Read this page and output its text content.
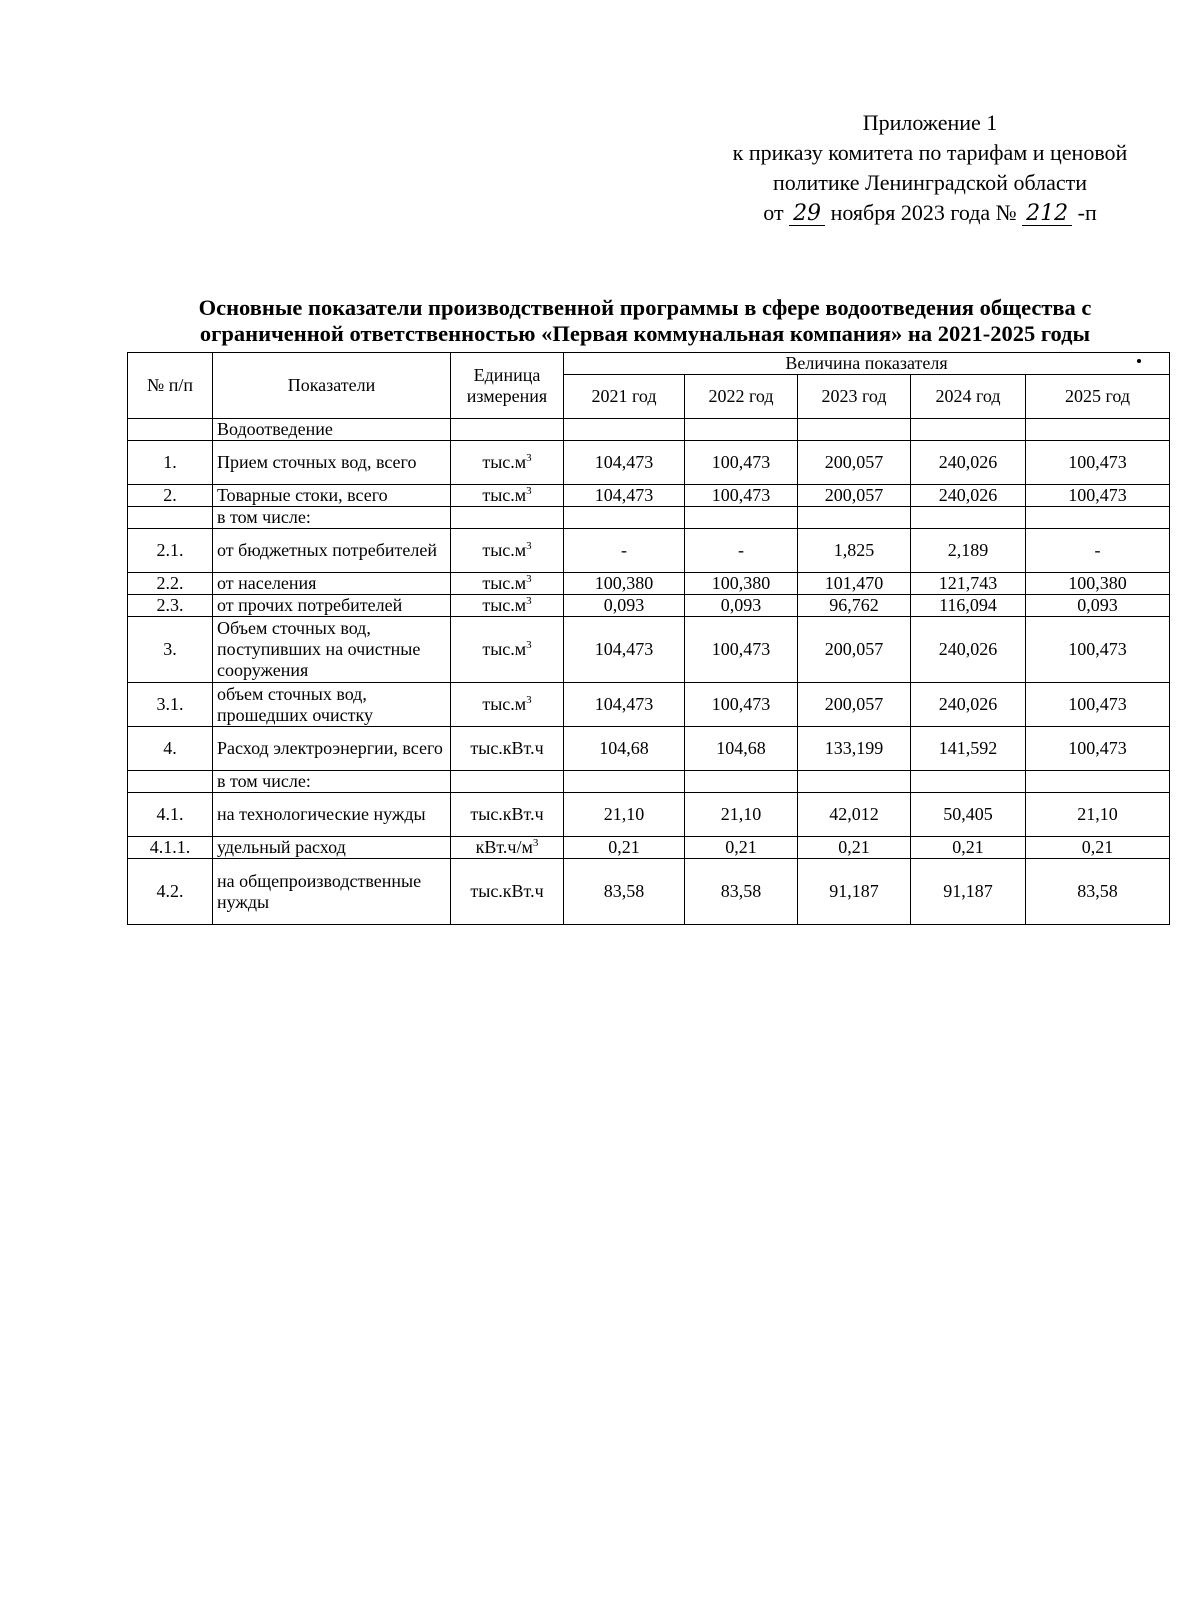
Приложение 1
к приказу комитета по тарифам и ценовой
политике Ленинградской области
от 29 ноября 2023 года № 212 -п
Основные показатели производственной программы в сфере водоотведения общества с
ограниченной ответственностью «Первая коммунальная компания» на 2021-2025 годы
№ п/п	Показатели	Единица
измерения	Величина показателя				

			2021 год	2022 год	2023 год	2024 год	2025 год
	Водоотведение						
1.	Прием сточных вод, всего	$тыс.м^3$	104,473	100,473	200,057	240,026	100,473
2.	Товарные стоки, всего	$тыс.м^3$	104,473	100,473	200,057	240,026	100,473
	в том числе:						
2.1.	от бюджетных потребителей	$тыс.м^3$	-	-	1,825	2,189	-
2.2.	от населения	$тыс.м^3$	100,380	100,380	101,470	121,743	100,380
2.3.	от прочих потребителей	$тыс.м^3$	0,093	0,093	96,762	116,094	0,093
3.	Объем сточных вод, поступивших на очистные сооружения	$тыс.м^3$	104,473	100,473	200,057	240,026	100,473
3.1.	объем сточных вод, прошедших очистку	$тыс.м^3$	104,473	100,473	200,057	240,026	100,473
4.	Расход электроэнергии, всего	тыс.кВт.ч	104,68	104,68	133,199	141,592	100,473
	в том числе:						
4.1.	на технологические нужды	тыс.кВт.ч	21,10	21,10	42,012	50,405	21,10
4.1.1.	удельный расход	$кВт.ч/м^3$	0,21	0,21	0,21	0,21	0,21
4.2.	на общепроизводственные нужды	тыс.кВт.ч	83,58	83,58	91,187	91,187	83,58
